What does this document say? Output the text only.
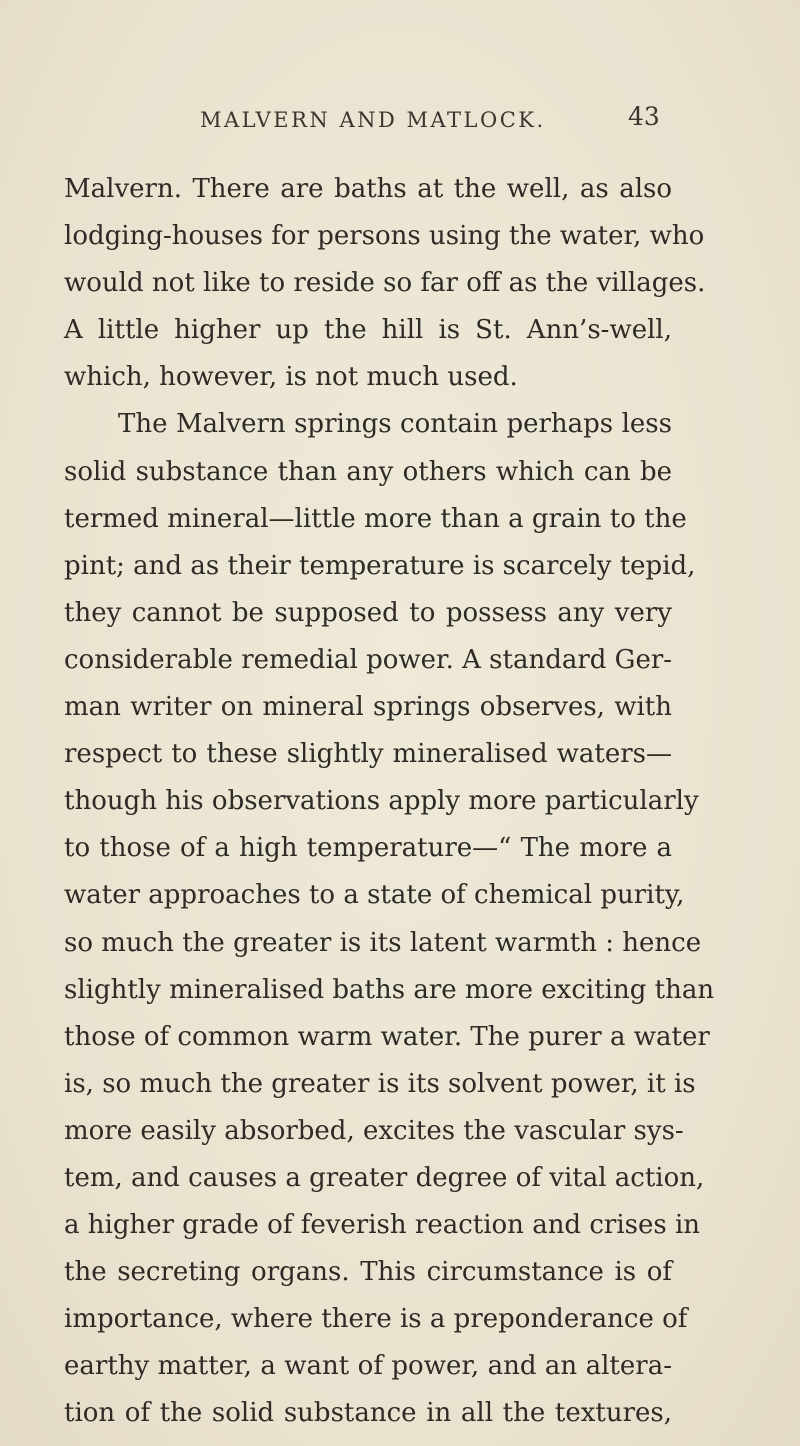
MALVERN AND MATLOCK.	43
Malvern. There are baths at the well, as also
lodging-houses for persons using the water, who
would not like to reside so far off as the villages.
A little higher up the hill is St. Ann’s-well,
which, however, is not much used.
The Malvern springs contain perhaps less
solid substance than any others which can be
termed mineral—little more than a grain to the
pint; and as their temperature is scarcely tepid,
they cannot be supposed to possess any very
considerable remedial power. A standard Ger-
man writer on mineral springs observes, with
respect to these slightly mineralised waters—
though his observations apply more particularly
to those of a high temperature—“ The more a
water approaches to a state of chemical purity,
so much the greater is its latent warmth : hence
slightly mineralised baths are more exciting than
those of common warm water. The purer a water
is, so much the greater is its solvent power, it is
more easily absorbed, excites the vascular sys-
tem, and causes a greater degree of vital action,
a higher grade of feverish reaction and crises in
the secreting organs. This circumstance is of
importance, where there is a preponderance of
earthy matter, a want of power, and an altera-
tion of the solid substance in all the textures,
